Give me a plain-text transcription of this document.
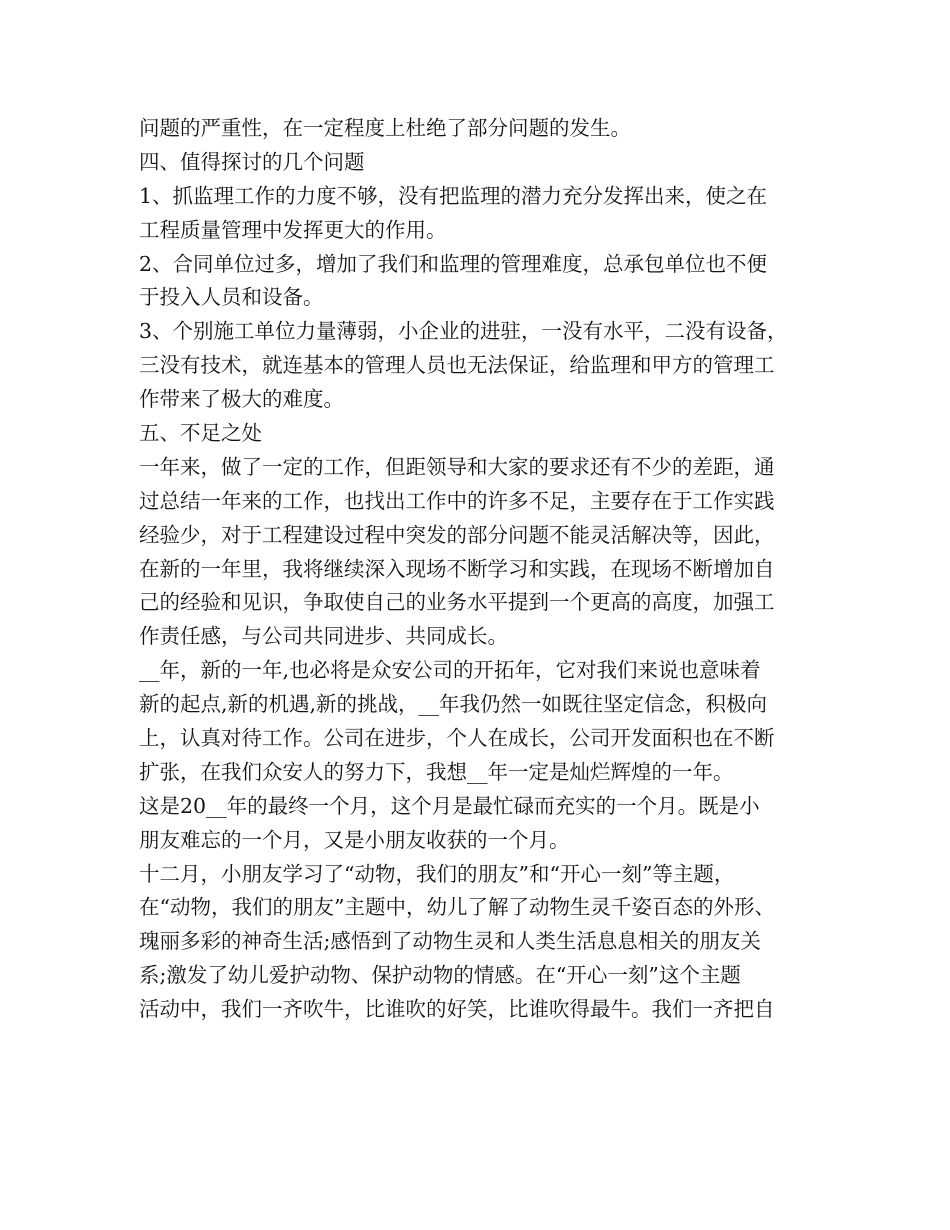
问题的严重性，在一定程度上杜绝了部分问题的发生。
四、值得探讨的几个问题
1、抓监理工作的力度不够，没有把监理的潜力充分发挥出来，使之在
工程质量管理中发挥更大的作用。
2、合同单位过多，增加了我们和监理的管理难度，总承包单位也不便
于投入人员和设备。
3、个别施工单位力量薄弱，小企业的进驻，一没有水平，二没有设备，
三没有技术，就连基本的管理人员也无法保证，给监理和甲方的管理工
作带来了极大的难度。
五、不足之处
一年来，做了一定的工作，但距领导和大家的要求还有不少的差距，通
过总结一年来的工作，也找出工作中的许多不足，主要存在于工作实践
经验少，对于工程建设过程中突发的部分问题不能灵活解决等，因此，
在新的一年里，我将继续深入现场不断学习和实践，在现场不断增加自
己的经验和见识，争取使自己的业务水平提到一个更高的高度，加强工
作责任感，与公司共同进步、共同成长。
__年，新的一年,也必将是众安公司的开拓年，它对我们来说也意味着
新的起点,新的机遇,新的挑战，__年我仍然一如既往坚定信念，积极向
上，认真对待工作。公司在进步，个人在成长，公司开发面积也在不断
扩张，在我们众安人的努力下，我想__年一定是灿烂辉煌的一年。
这是20__年的最终一个月，这个月是最忙碌而充实的一个月。既是小
朋友难忘的一个月，又是小朋友收获的一个月。
十二月，小朋友学习了“动物，我们的朋友”和“开心一刻”等主题，
在“动物，我们的朋友”主题中，幼儿了解了动物生灵千姿百态的外形、
瑰丽多彩的神奇生活;感悟到了动物生灵和人类生活息息相关的朋友关
系;激发了幼儿爱护动物、保护动物的情感。在“开心一刻”这个主题
活动中，我们一齐吹牛，比谁吹的好笑，比谁吹得最牛。我们一齐把自
